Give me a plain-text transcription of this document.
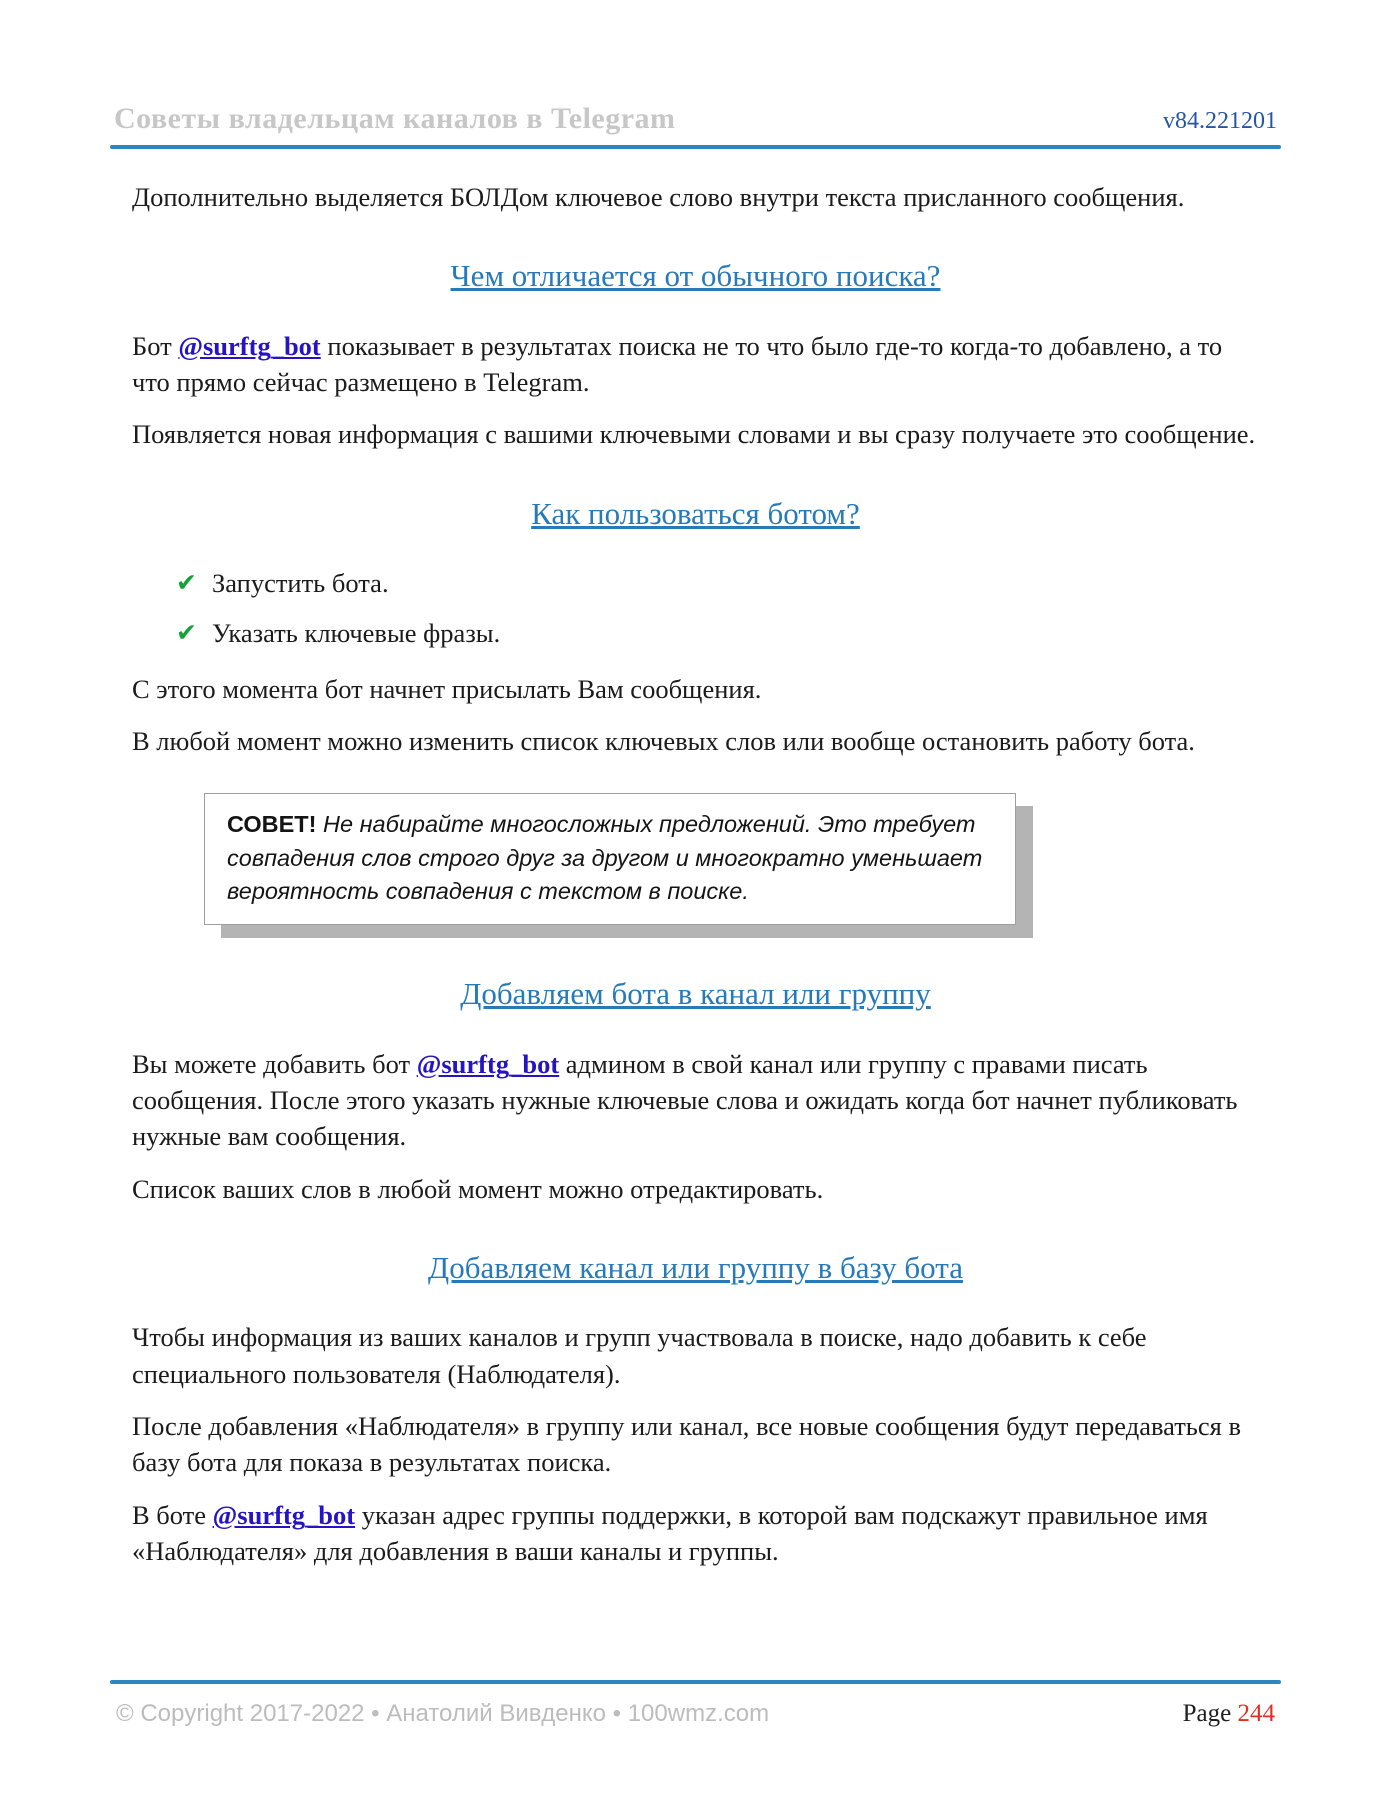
Советы владельцам каналов в Telegram	v84.221201

Дополнительно выделяется БОЛДом ключевое слово внутри текста присланного сообщения.

Чем отличается от обычного поиска?

Бот @surftg_bot показывает в результатах поиска не то что было где-то когда-то добавлено, а то что прямо сейчас размещено в Telegram.

Появляется новая информация с вашими ключевыми словами и вы сразу получаете это сообщение.

Как пользоваться ботом?
✔ Запустить бота.
✔ Указать ключевые фразы.

С этого момента бот начнет присылать Вам сообщения.

В любой момент можно изменить список ключевых слов или вообще остановить работу бота.

СОВЕТ! Не набирайте многосложных предложений. Это требует совпадения слов строго друг за другом и многократно уменьшает вероятность совпадения с текстом в поиске.
Добавляем бота в канал или группу

Вы можете добавить бот @surftg_bot админом в свой канал или группу с правами писать сообщения. После этого указать нужные ключевые слова и ожидать когда бот начнет публиковать нужные вам сообщения.

Список ваших слов в любой момент можно отредактировать.

Добавляем канал или группу в базу бота

Чтобы информация из ваших каналов и групп участвовала в поиске, надо добавить к себе специального пользователя (Наблюдателя).

После добавления «Наблюдателя» в группу или канал, все новые сообщения будут передаваться в базу бота для показа в результатах поиска.

В боте @surftg_bot указан адрес группы поддержки, в которой вам подскажут правильное имя «Наблюдателя» для добавления в ваши каналы и группы.

© Copyright 2017-2022 • Анатолий Вивденко • 100wmz.com	Page 244
